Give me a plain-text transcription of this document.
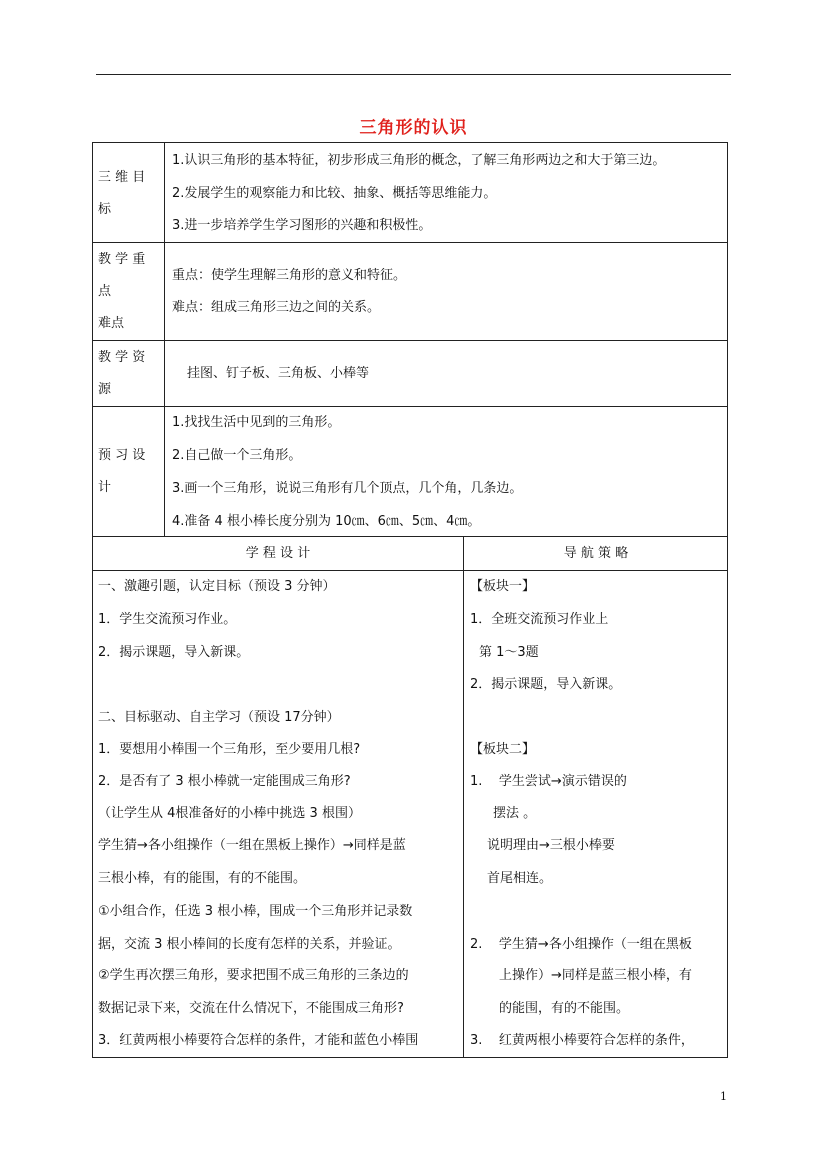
三角形的认识
三 维 目
标
1.认识三角形的基本特征，初步形成三角形的概念，了解三角形两边之和大于第三边。
2.发展学生的观察能力和比较、抽象、概括等思维能力。
3.进一步培养学生学习图形的兴趣和积极性。
教 学 重
点
难点
重点：使学生理解三角形的意义和特征。
难点：组成三角形三边之间的关系。
教 学 资
源
挂图、钉子板、三角板、小棒等
预 习 设
计
1.找找生活中见到的三角形。
2.自己做一个三角形。
3.画一个三角形，说说三角形有几个顶点，几个角，几条边。
4.准备 4 根小棒长度分别为 10㎝、6㎝、5㎝、4㎝。
学 程 设 计	导 航 策 略
一、激趣引题，认定目标（预设 3 分钟）
1．学生交流预习作业。
2．揭示课题，导入新课。
二、目标驱动、自主学习（预设 17分钟）
1．要想用小棒围一个三角形，至少要用几根?
2．是否有了 3 根小棒就一定能围成三角形?
（让学生从 4根准备好的小棒中挑选 3 根围）
学生猜→各小组操作（一组在黑板上操作）→同样是蓝
三根小棒，有的能围，有的不能围。
①小组合作，任选 3 根小棒，围成一个三角形并记录数
据，交流 3 根小棒间的长度有怎样的关系，并验证。
②学生再次摆三角形，要求把围不成三角形的三条边的
数据记录下来，交流在什么情况下，不能围成三角形?
3．红黄两根小棒要符合怎样的条件，才能和蓝色小棒围
【板块一】
1．全班交流预习作业上
第 1～3题
2．揭示课题，导入新课。
【板块二】
1.    学生尝试→演示错误的
摆法 。
说明理由→三根小棒要
首尾相连。
2.    学生猜→各小组操作（一组在黑板
上操作）→同样是蓝三根小棒，有
的能围，有的不能围。
3.    红黄两根小棒要符合怎样的条件，
1
